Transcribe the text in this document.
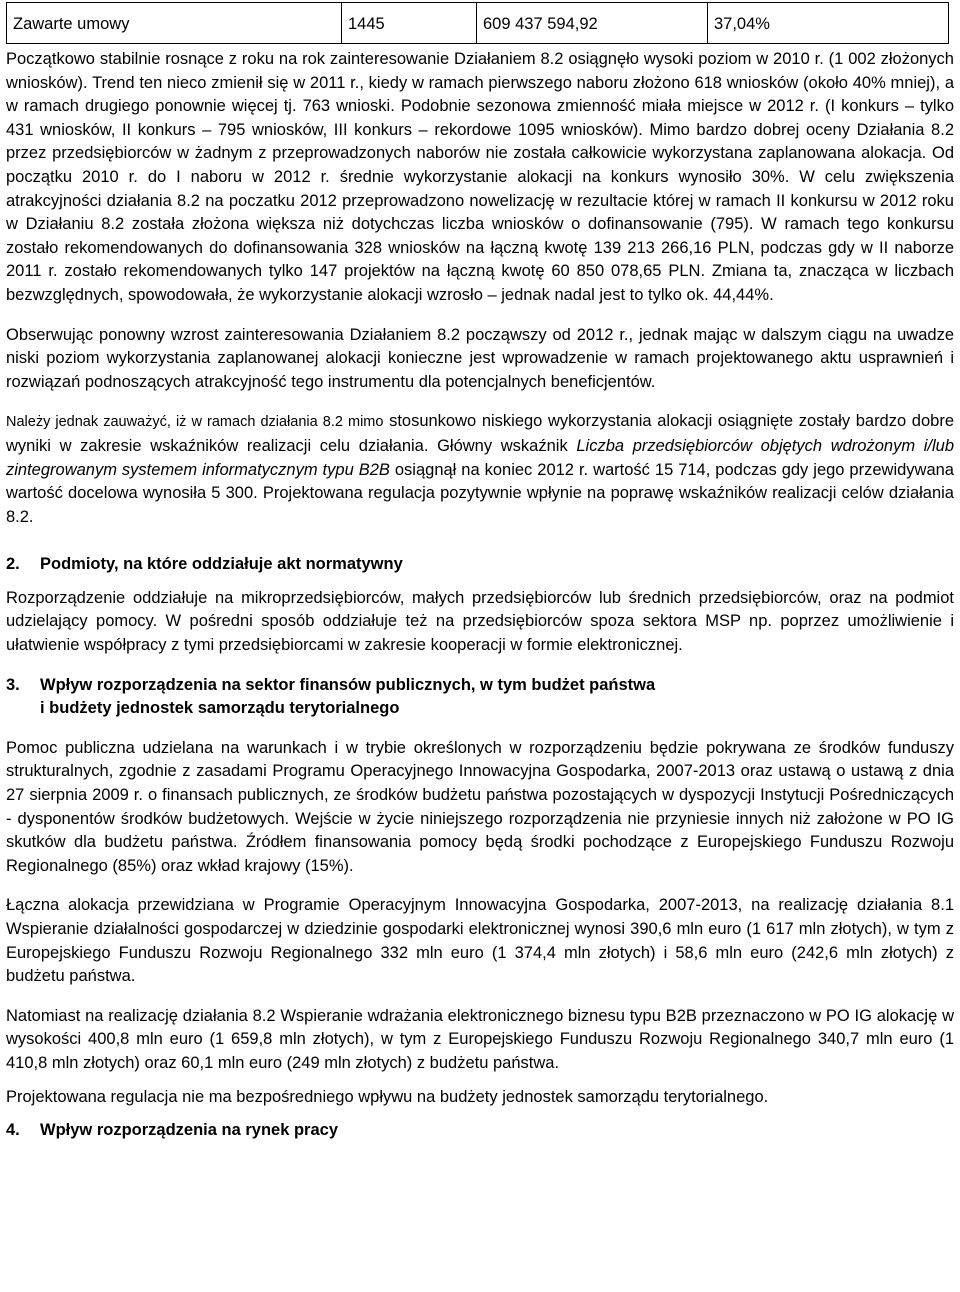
Zawarte umowy	1445	609 437 594,92	37,04%

Początkowo stabilnie rosnące z roku na rok zainteresowanie Działaniem 8.2 osiągnęło wysoki poziom w 2010 r. (1 002 złożonych wniosków). Trend ten nieco zmienił się w 2011 r., kiedy w ramach pierwszego naboru złożono 618 wniosków (około 40% mniej), a w ramach drugiego ponownie więcej tj. 763 wnioski. Podobnie sezonowa zmienność miała miejsce w 2012 r. (I konkurs – tylko 431 wniosków, II konkurs – 795 wniosków, III konkurs – rekordowe 1095 wniosków). Mimo bardzo dobrej oceny Działania 8.2 przez przedsiębiorców w żadnym z przeprowadzonych naborów nie została całkowicie wykorzystana zaplanowana alokacja. Od początku 2010 r. do I naboru w 2012 r. średnie wykorzystanie alokacji na konkurs wynosiło 30%. W celu zwiększenia atrakcyjności działania 8.2 na poczatku 2012 przeprowadzono nowelizację w rezultacie której w ramach II konkursu w 2012 roku w Działaniu 8.2 została złożona większa niż dotychczas liczba wniosków o dofinansowanie (795). W ramach tego konkursu zostało rekomendowanych do dofinansowania 328 wniosków na łączną kwotę 139 213 266,16 PLN, podczas gdy w II naborze 2011 r. zostało rekomendowanych tylko 147 projektów na łączną kwotę 60 850 078,65 PLN. Zmiana ta, znacząca w liczbach bezwzględnych, spowodowała, że wykorzystanie alokacji wzrosło – jednak nadal jest to tylko ok. 44,44%.

Obserwując ponowny wzrost zainteresowania Działaniem 8.2 począwszy od 2012 r., jednak mając w dalszym ciągu na uwadze niski poziom wykorzystania zaplanowanej alokacji konieczne jest wprowadzenie w ramach projektowanego aktu usprawnień i rozwiązań podnoszących atrakcyjność tego instrumentu dla potencjalnych beneficjentów.

Należy jednak zauważyć, iż w ramach działania 8.2 mimo stosunkowo niskiego wykorzystania alokacji osiągnięte zostały bardzo dobre wyniki w zakresie wskaźników realizacji celu działania. Główny wskaźnik Liczba przedsiębiorców objętych wdrożonym i/lub zintegrowanym systemem informatycznym typu B2B osiągnął na koniec 2012 r. wartość 15 714, podczas gdy jego przewidywana wartość docelowa wynosiła 5 300. Projektowana regulacja pozytywnie wpłynie na poprawę wskaźników realizacji celów działania 8.2.

2.	Podmioty, na które oddziałuje akt normatywny

Rozporządzenie oddziałuje na mikroprzedsiębiorców, małych przedsiębiorców lub średnich przedsiębiorców, oraz na podmiot udzielający pomocy. W pośredni sposób oddziałuje też na przedsiębiorców spoza sektora MSP np. poprzez umożliwienie i ułatwienie współpracy z tymi przedsiębiorcami w zakresie kooperacji w formie elektronicznej.

3.	Wpływ rozporządzenia na sektor finansów publicznych, w tym budżet państwa
i budżety jednostek samorządu terytorialnego

Pomoc publiczna udzielana na warunkach i w trybie określonych w rozporządzeniu będzie pokrywana ze środków funduszy strukturalnych, zgodnie z zasadami Programu Operacyjnego Innowacyjna Gospodarka, 2007-2013 oraz ustawą o ustawą z dnia 27 sierpnia 2009 r. o finansach publicznych, ze środków budżetu państwa pozostających w dyspozycji Instytucji Pośredniczących - dysponentów środków budżetowych. Wejście w życie niniejszego rozporządzenia nie przyniesie innych niż założone w PO IG skutków dla budżetu państwa. Źródłem finansowania pomocy będą środki pochodzące z Europejskiego Funduszu Rozwoju Regionalnego (85%) oraz wkład krajowy (15%).

Łączna alokacja przewidziana w Programie Operacyjnym Innowacyjna Gospodarka, 2007-2013, na realizację działania 8.1 Wspieranie działalności gospodarczej w dziedzinie gospodarki elektronicznej wynosi 390,6 mln euro (1 617 mln złotych), w tym z Europejskiego Funduszu Rozwoju Regionalnego 332 mln euro (1 374,4 mln złotych) i 58,6 mln euro (242,6 mln złotych) z budżetu państwa.

Natomiast na realizację działania 8.2 Wspieranie wdrażania elektronicznego biznesu typu B2B przeznaczono w PO IG alokację w wysokości 400,8 mln euro (1 659,8 mln złotych), w tym z Europejskiego Funduszu Rozwoju Regionalnego 340,7 mln euro (1 410,8 mln złotych) oraz 60,1 mln euro (249 mln złotych) z budżetu państwa.

Projektowana regulacja nie ma bezpośredniego wpływu na budżety jednostek samorządu terytorialnego.

4.	Wpływ rozporządzenia na rynek pracy
